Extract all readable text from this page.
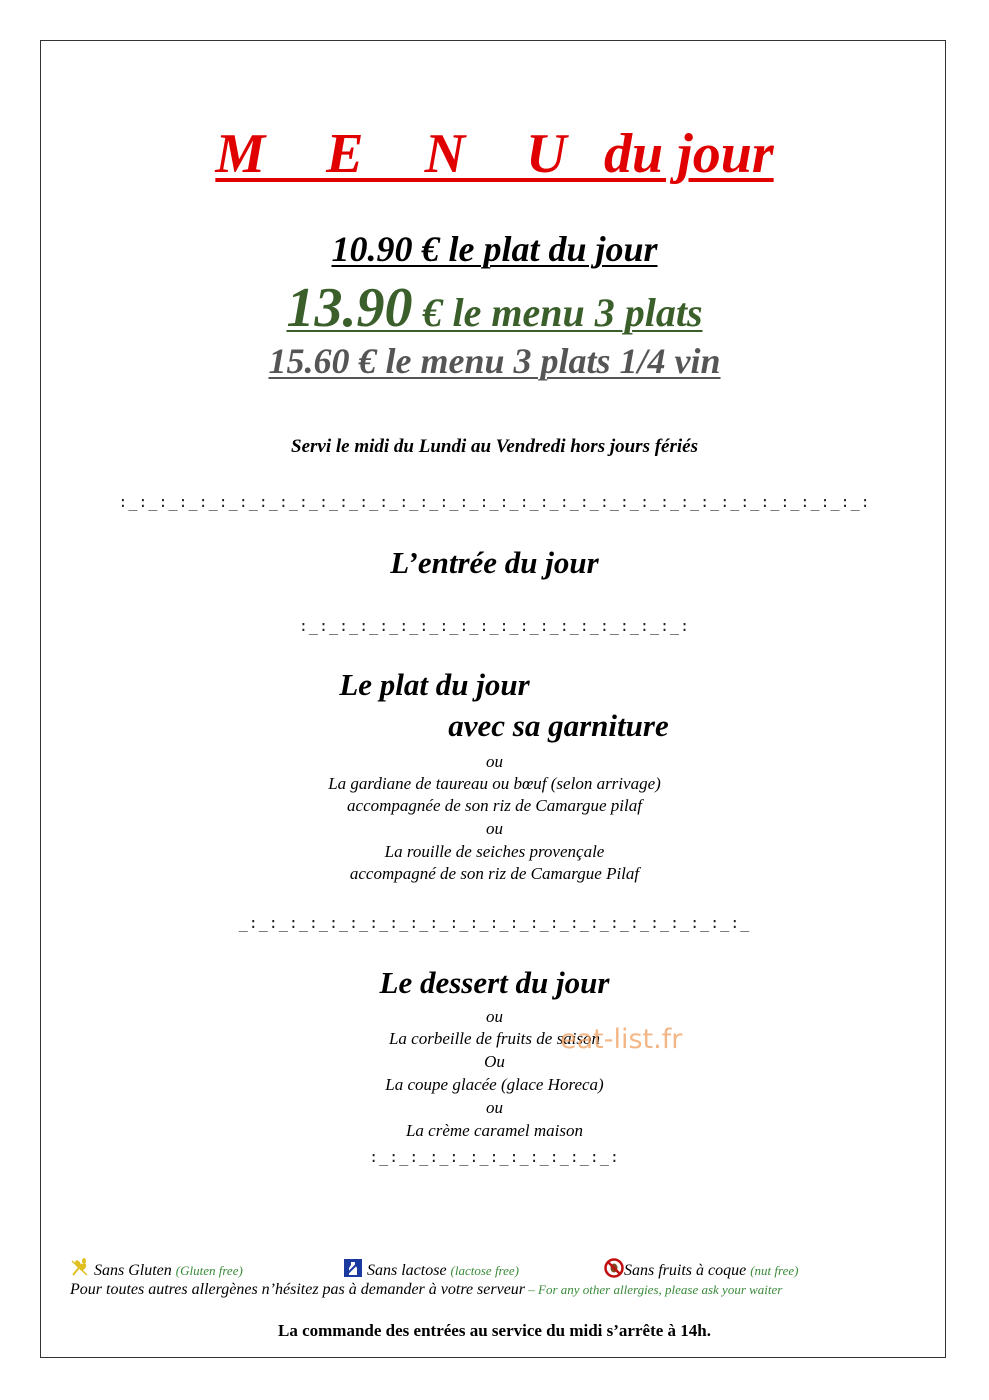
M E N U du jour
10.90 € le plat du jour
13.90 € le menu 3 plats
15.60 € le menu 3 plats 1/4 vin
Servi le midi du Lundi au Vendredi hors jours fériés
:_:_:_:_:_:_:_:_:_:_:_:_:_:_:_:_:_:_:_:_:_:_:_:_:_:_:_:_:_:_:_:_:_:_:_:_:_:
L’entrée du jour
:_:_:_:_:_:_:_:_:_:_:_:_:_:_:_:_:_:_:_:
Le plat du jour
avec sa garniture
ou
La gardiane de taureau ou bœuf (selon arrivage)
accompagnée de son riz de Camargue pilaf
ou
La rouille de seiches provençale
accompagné de son riz de Camargue Pilaf
_:_:_:_:_:_:_:_:_:_:_:_:_:_:_:_:_:_:_:_:_:_:_:_:_:_
Le dessert du jour
ou
La corbeille de fruits de saison
Ou
La coupe glacée (glace Horeca)
ou
La crème caramel maison
:_:_:_:_:_:_:_:_:_:_:_:_:
eat-list.fr
Sans Gluten (Gluten free)	Sans lactose (lactose free)	Sans fruits à coque (nut free)
Pour toutes autres allergènes n’hésitez pas à demander à votre serveur – For any other allergies, please ask your waiter
La commande des entrées au service du midi s’arrête à 14h.
